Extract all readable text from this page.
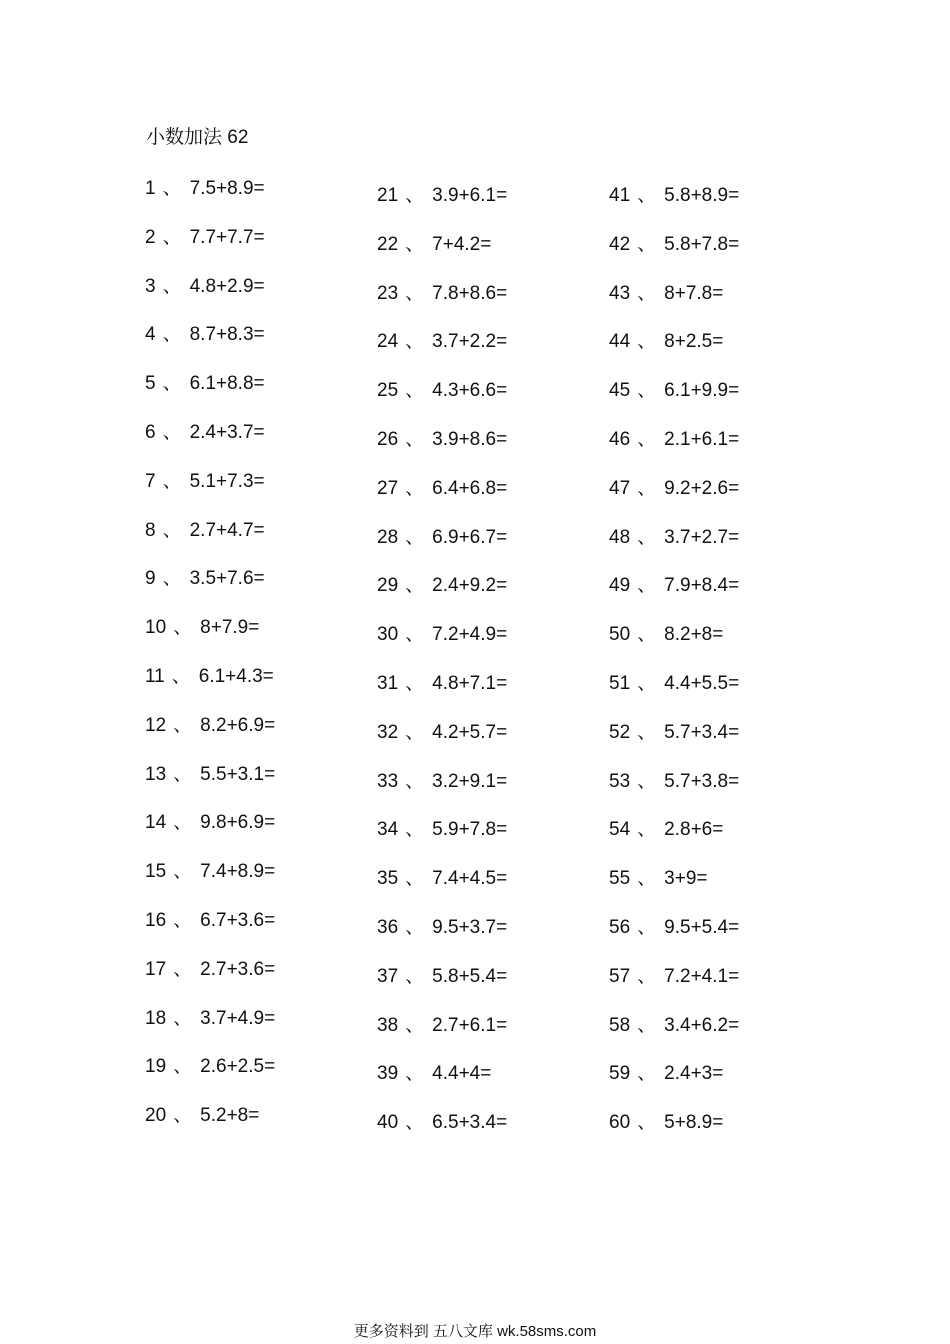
小数加法 62
1 、 7.5+8.9=
2 、 7.7+7.7=
3 、 4.8+2.9=
4 、 8.7+8.3=
5 、 6.1+8.8=
6 、 2.4+3.7=
7 、 5.1+7.3=
8 、 2.7+4.7=
9 、 3.5+7.6=
10 、 8+7.9=
11 、 6.1+4.3=
12 、 8.2+6.9=
13 、 5.5+3.1=
14 、 9.8+6.9=
15 、 7.4+8.9=
16 、 6.7+3.6=
17 、 2.7+3.6=
18 、 3.7+4.9=
19 、 2.6+2.5=
20 、 5.2+8=
21 、 3.9+6.1=
22 、 7+4.2=
23 、 7.8+8.6=
24 、 3.7+2.2=
25 、 4.3+6.6=
26 、 3.9+8.6=
27 、 6.4+6.8=
28 、 6.9+6.7=
29 、 2.4+9.2=
30 、 7.2+4.9=
31 、 4.8+7.1=
32 、 4.2+5.7=
33 、 3.2+9.1=
34 、 5.9+7.8=
35 、 7.4+4.5=
36 、 9.5+3.7=
37 、 5.8+5.4=
38 、 2.7+6.1=
39 、 4.4+4=
40 、 6.5+3.4=
41 、 5.8+8.9=
42 、 5.8+7.8=
43 、 8+7.8=
44 、 8+2.5=
45 、 6.1+9.9=
46 、 2.1+6.1=
47 、 9.2+2.6=
48 、 3.7+2.7=
49 、 7.9+8.4=
50 、 8.2+8=
51 、 4.4+5.5=
52 、 5.7+3.4=
53 、 5.7+3.8=
54 、 2.8+6=
55 、 3+9=
56 、 9.5+5.4=
57 、 7.2+4.1=
58 、 3.4+6.2=
59 、 2.4+3=
60 、 5+8.9=
更多资料到 五八文库 wk.58sms.com
